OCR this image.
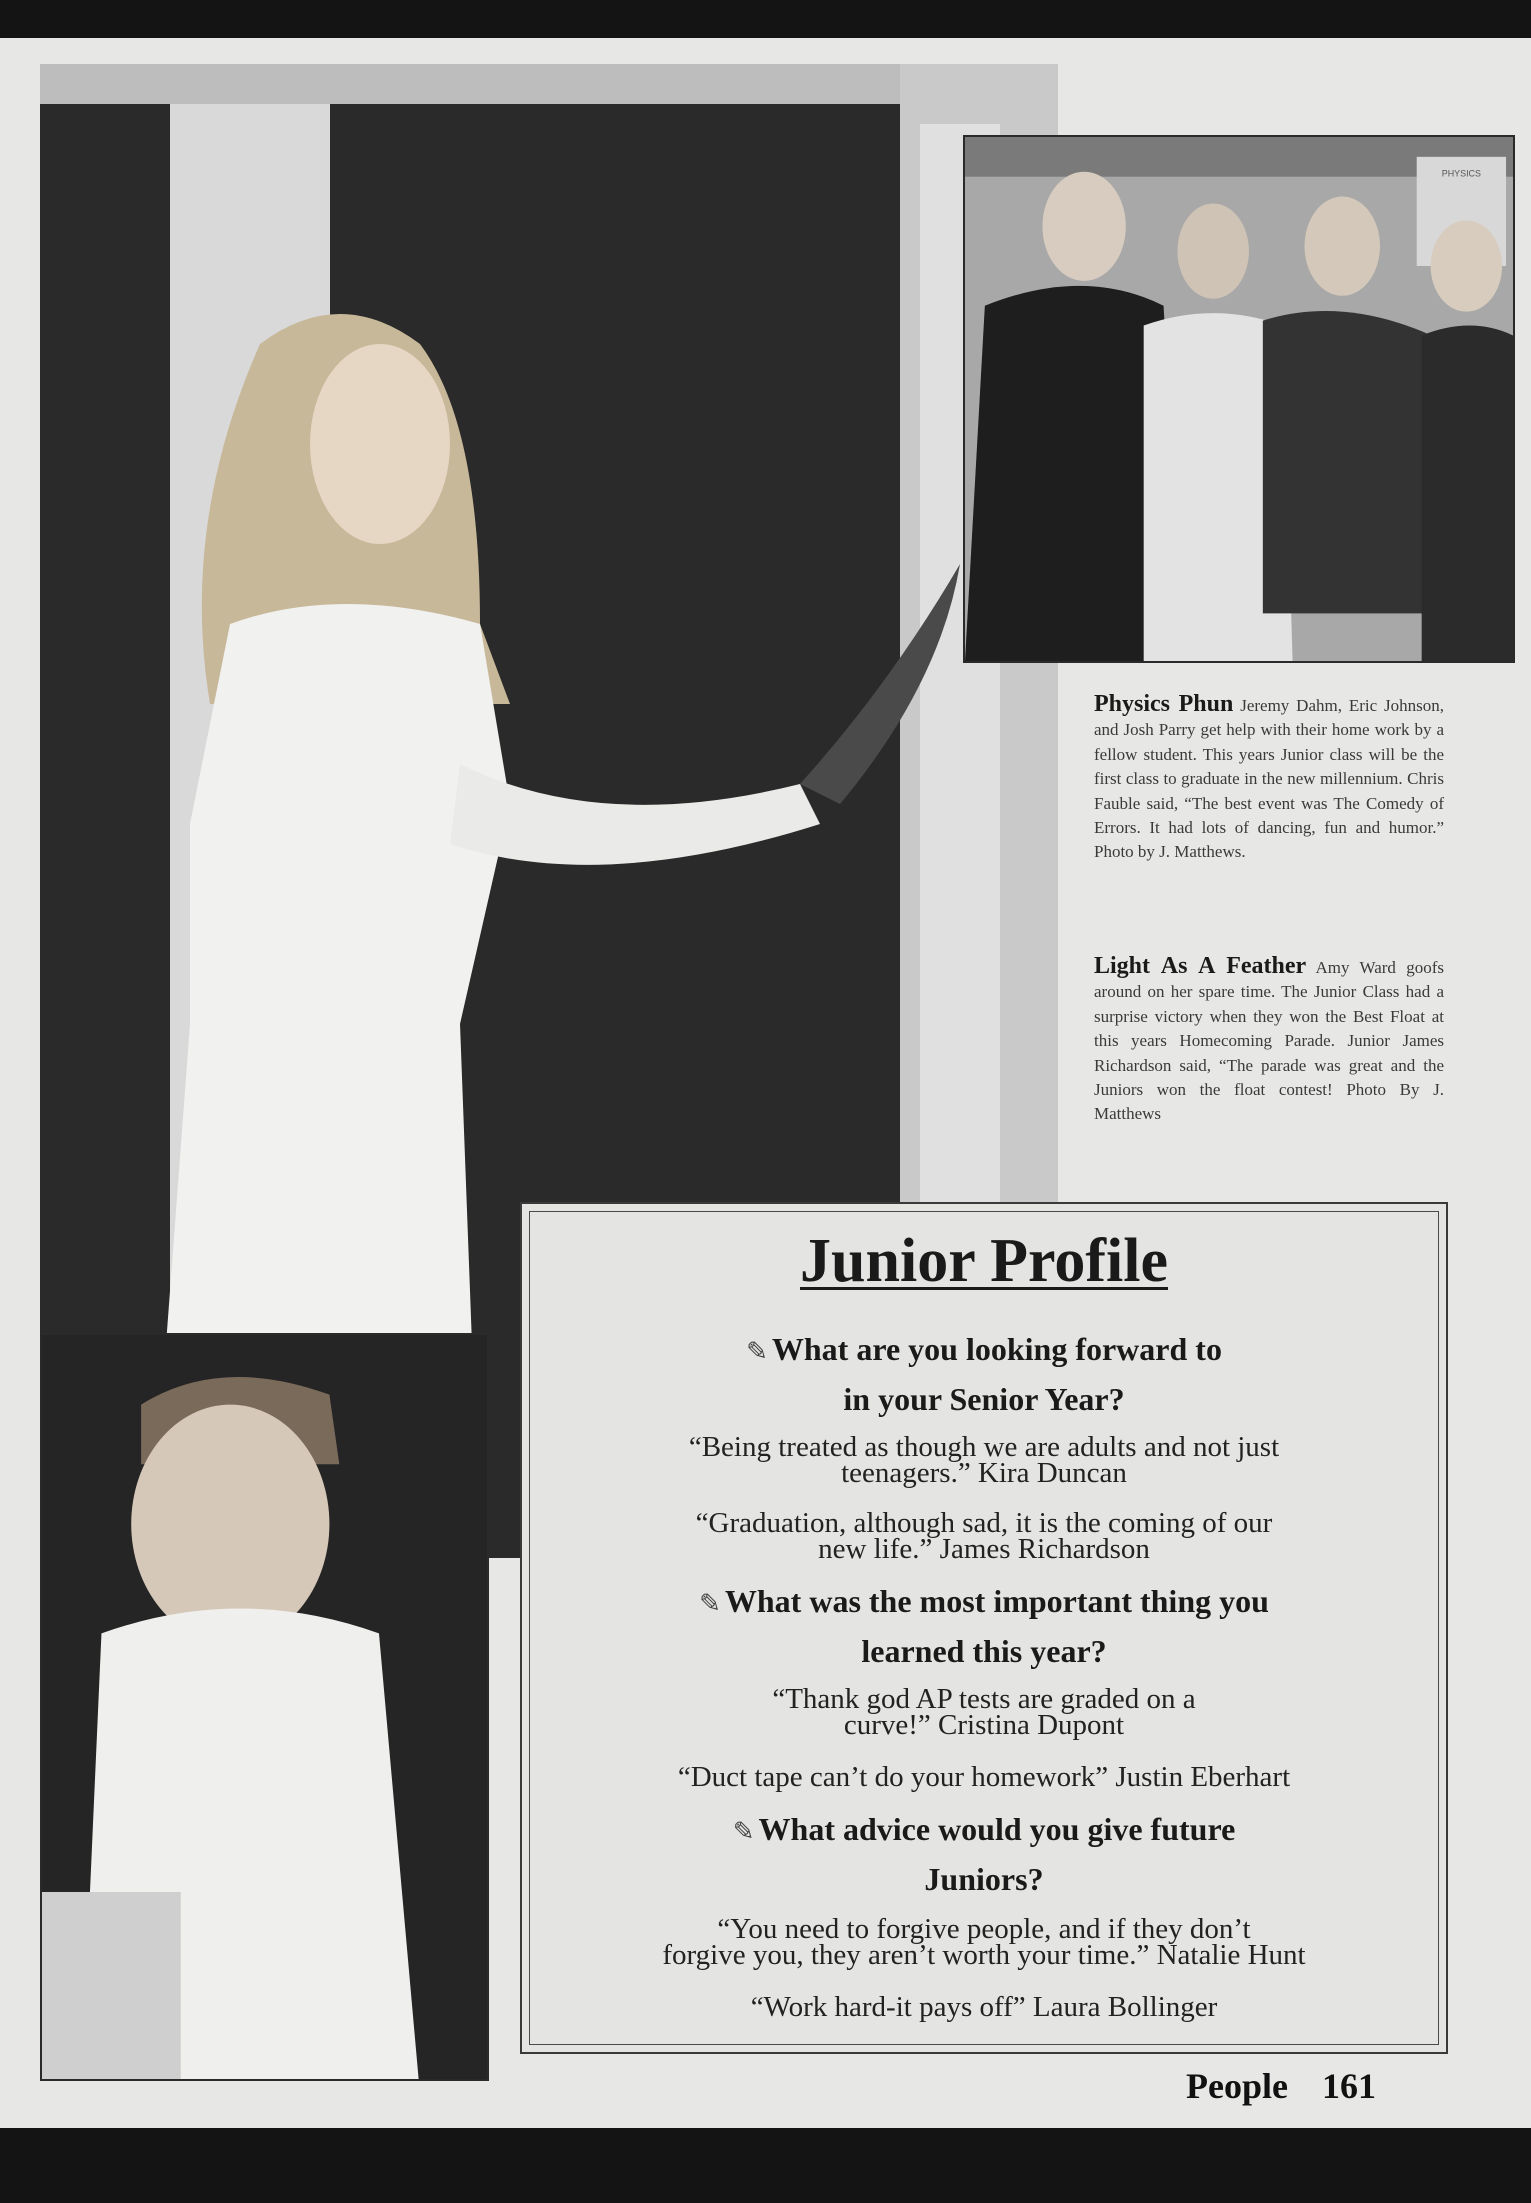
PHYSICS
Physics Phun Jeremy Dahm, Eric Johnson, and Josh Parry get help with their home work by a fellow student. This years Junior class will be the first class to graduate in the new millennium. Chris Fauble said, “The best event was The Comedy of Errors. It had lots of dancing, fun and humor.” Photo by J. Matthews.
Light As A Feather Amy Ward goofs around on her spare time. The Junior Class had a surprise victory when they won the Best Float at this years Homecoming Parade. Junior James Richardson said, “The parade was great and the Juniors won the float contest! Photo By J. Matthews
Junior Profile
✎ What are you looking forward to
in your Senior Year?
“Being treated as though we are adults and not just
teenagers.” Kira Duncan
“Graduation, although sad, it is the coming of our
new life.” James Richardson
✎ What was the most important thing you
learned this year?
“Thank god AP tests are graded on a
curve!” Cristina Dupont
“Duct tape can’t do your homework” Justin Eberhart
✎ What advice would you give future
Juniors?
“You need to forgive people, and if they don’t
forgive you, they aren’t worth your time.” Natalie Hunt
“Work hard-it pays off” Laura Bollinger
People 161
